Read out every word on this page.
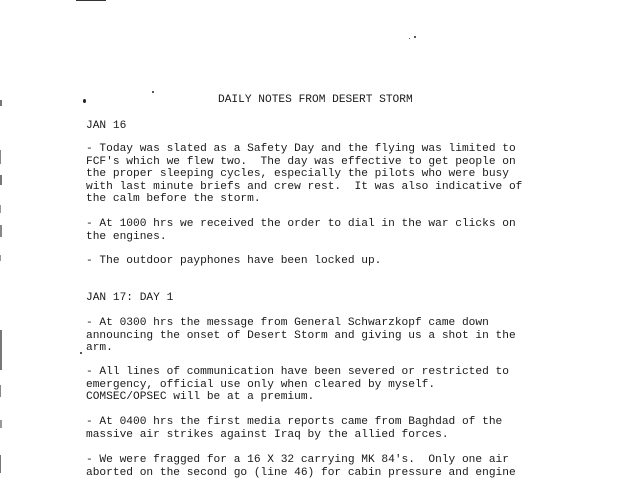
DAILY NOTES FROM DESERT STORM
JAN 16
- Today was slated as a Safety Day and the flying was limited to
FCF's which we flew two.  The day was effective to get people on
the proper sleeping cycles, especially the pilots who were busy
with last minute briefs and crew rest.  It was also indicative of
the calm before the storm.
- At 1000 hrs we received the order to dial in the war clicks on
the engines.
- The outdoor payphones have been locked up.
JAN 17: DAY 1
- At 0300 hrs the message from General Schwarzkopf came down
announcing the onset of Desert Storm and giving us a shot in the
arm.
- All lines of communication have been severed or restricted to
emergency, official use only when cleared by myself.
COMSEC/OPSEC will be at a premium.
- At 0400 hrs the first media reports came from Baghdad of the
massive air strikes against Iraq by the allied forces.
- We were fragged for a 16 X 32 carrying MK 84's.  Only one air
aborted on the second go (line 46) for cabin pressure and engine
